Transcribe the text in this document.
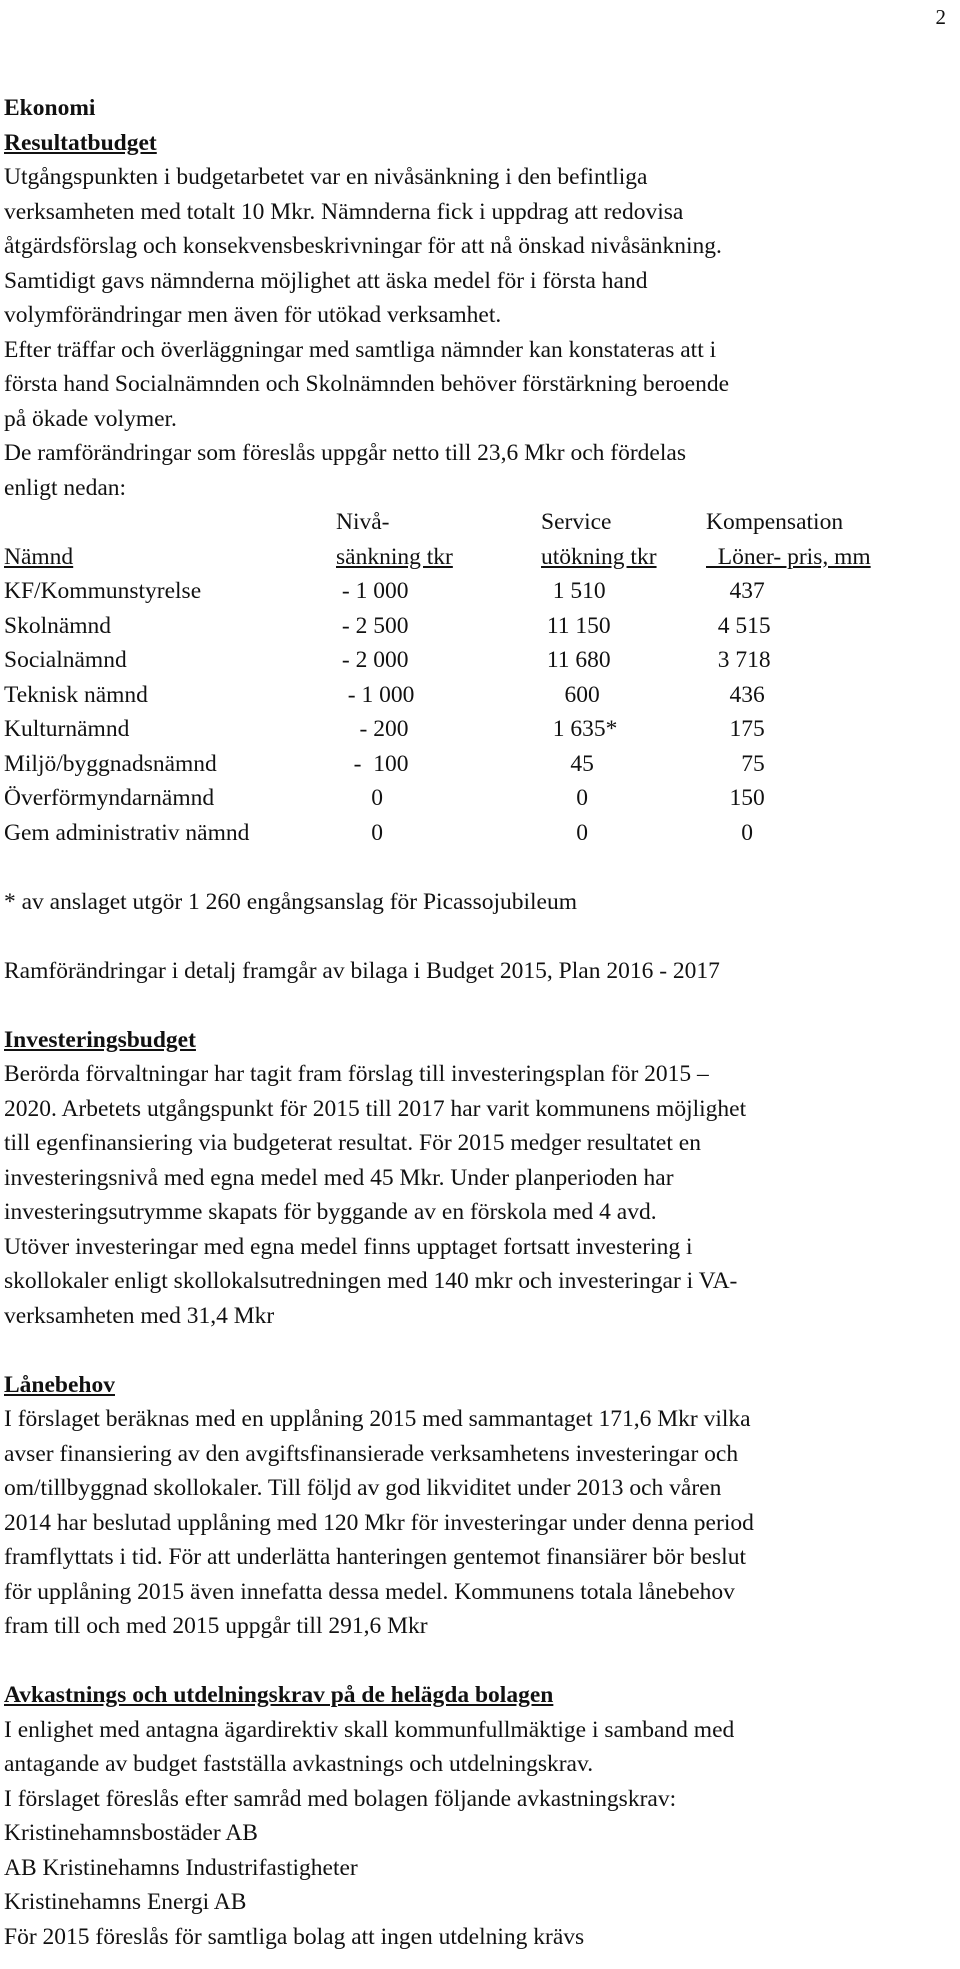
2

Ekonomi

Resultatbudget

Utgångspunkten i budgetarbetet var en nivåsänkning i den befintliga
verksamheten med totalt 10 Mkr. Nämnderna fick i uppdrag att redovisa
åtgärdsförslag och konsekvensbeskrivningar för att nå önskad nivåsänkning.
Samtidigt gavs nämnderna möjlighet att äska medel för i första hand
volymförändringar men även för utökad verksamhet.
Efter träffar och överläggningar med samtliga nämnder kan konstateras att i
första hand Socialnämnden och Skolnämnden behöver förstärkning beroende
på ökade volymer.
De ramförändringar som föreslås uppgår netto till 23,6 Mkr och fördelas
enligt nedan:
	Nivå-	Service	Kompensation
Nämnd	sänkning tkr	utökning tkr	Löner- pris, mm
KF/Kommunstyrelse	- 1 000	1 510	437
Skolnämnd	- 2 500	11 150	4 515
Socialnämnd	- 2 000	11 680	3 718
Teknisk nämnd	- 1 000	600	436
Kulturnämnd	- 200	1 635*	175
Miljö/byggnadsnämnd	-  100	45	75
Överförmyndarnämnd	0	0	150
Gem administrativ nämnd	0	0	0

* av anslaget utgör 1 260 engångsanslag för Picassojubileum

Ramförändringar i detalj framgår av bilaga i Budget 2015, Plan 2016 - 2017

Investeringsbudget

Berörda förvaltningar har tagit fram förslag till investeringsplan för 2015 –
2020. Arbetets utgångspunkt för 2015 till 2017 har varit kommunens möjlighet
till egenfinansiering via budgeterat resultat. För 2015 medger resultatet en
investeringsnivå med egna medel med 45 Mkr. Under planperioden har
investeringsutrymme skapats för byggande av en förskola med 4 avd.
Utöver investeringar med egna medel finns upptaget fortsatt investering i
skollokaler enligt skollokalsutredningen med 140 mkr och investeringar i VA-
verksamheten med 31,4 Mkr

Lånebehov

I förslaget beräknas med en upplåning 2015 med sammantaget 171,6 Mkr vilka
avser finansiering av den avgiftsfinansierade verksamhetens investeringar och
om/tillbyggnad skollokaler. Till följd av god likviditet under 2013 och våren
2014 har beslutad upplåning med 120 Mkr för investeringar under denna period
framflyttats i tid. För att underlätta hanteringen gentemot finansiärer bör beslut
för upplåning 2015 även innefatta dessa medel. Kommunens totala lånebehov
fram till och med 2015 uppgår till 291,6 Mkr

Avkastnings och utdelningskrav på de helägda bolagen

I enlighet med antagna ägardirektiv skall kommunfullmäktige i samband med
antagande av budget fastställa avkastnings och utdelningskrav.
I förslaget föreslås efter samråd med bolagen följande avkastningskrav:
Kristinehamnsbostäder AB
AB Kristinehamns Industrifastigheter
Kristinehamns Energi AB
För 2015 föreslås för samtliga bolag att ingen utdelning krävs
